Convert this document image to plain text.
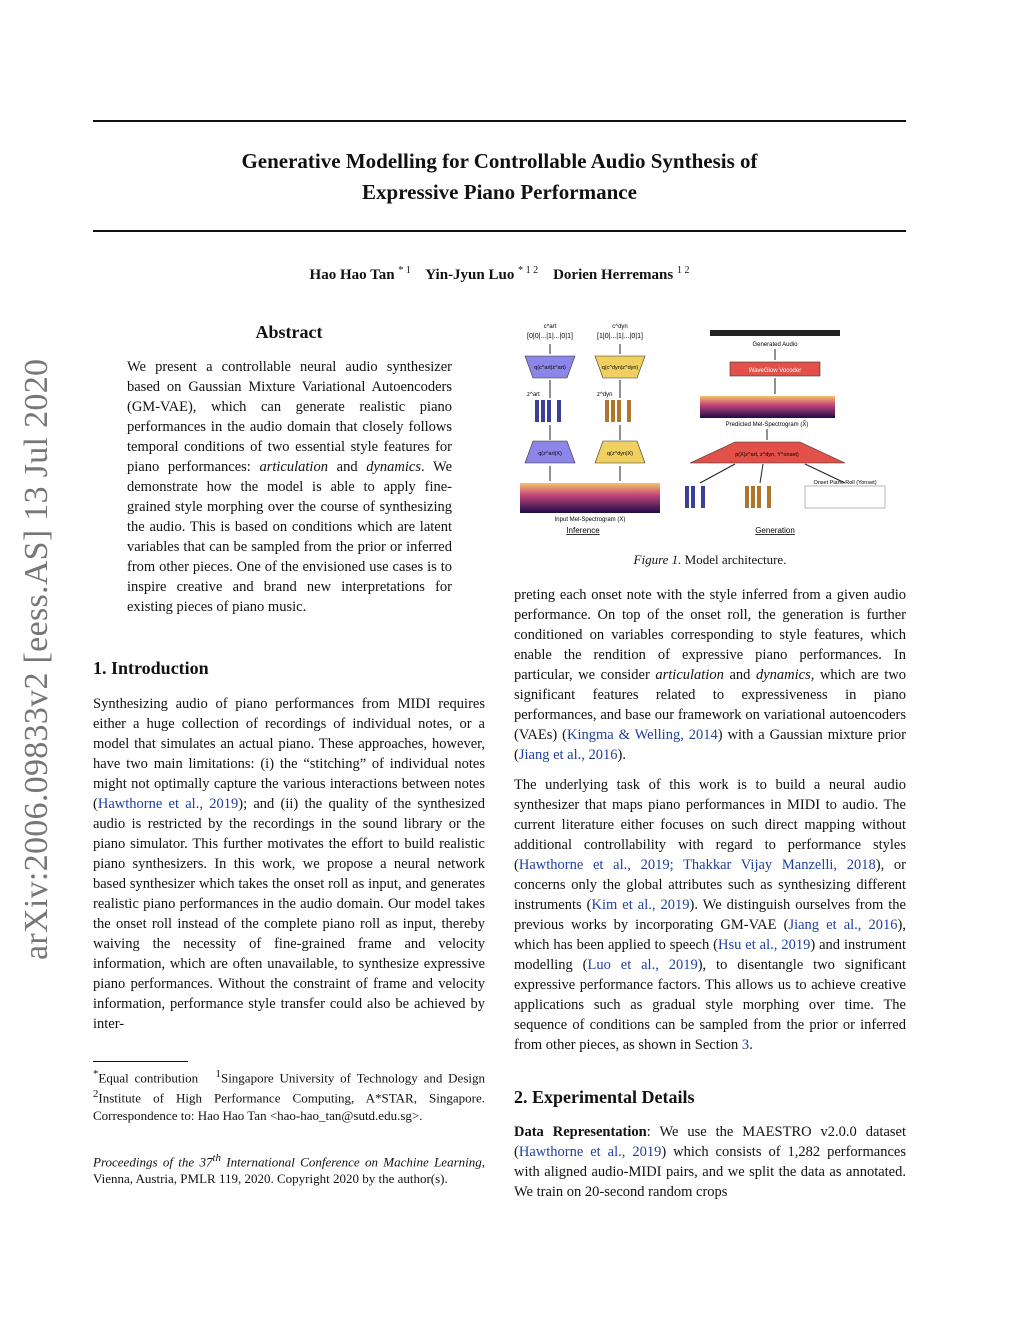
Generative Modelling for Controllable Audio Synthesis of
Expressive Piano Performance
Hao Hao Tan $^{* 1}$ Yin-Jyun Luo $^{* 1 2}$ Dorien Herremans $^{1 2}$
arXiv:2006.09833v2 [eess.AS] 13 Jul 2020
Abstract
We present a controllable neural audio synthesizer based on Gaussian Mixture Variational Autoencoders (GM-VAE), which can generate realistic piano performances in the audio domain that closely follows temporal conditions of two essential style features for piano performances: articulation and dynamics. We demonstrate how the model is able to apply fine-grained style morphing over the course of synthesizing the audio. This is based on conditions which are latent variables that can be sampled from the prior or inferred from other pieces. One of the envisioned use cases is to inspire creative and brand new interpretations for existing pieces of piano music.
1. Introduction
Synthesizing audio of piano performances from MIDI requires either a huge collection of recordings of individual notes, or a model that simulates an actual piano. These approaches, however, have two main limitations: (i) the “stitching” of individual notes might not optimally capture the various interactions between notes (Hawthorne et al., 2019); and (ii) the quality of the synthesized audio is restricted by the recordings in the sound library or the piano simulator. This further motivates the effort to build realistic piano synthesizers. In this work, we propose a neural network based synthesizer which takes the onset roll as input, and generates realistic piano performances in the audio domain. Our model takes the onset roll instead of the complete piano roll as input, thereby waiving the necessity of fine-grained frame and velocity information, which are often unavailable, to synthesize expressive piano performances. Without the constraint of frame and velocity information, performance style transfer could also be achieved by inter-
*Equal contribution   $^1$Singapore University of Technology and Design $^2$Institute of High Performance Computing, A*STAR, Singapore. Correspondence to: Hao Hao Tan <hao-hao_tan@sutd.edu.sg>.
Proceedings of the 37th International Conference on Machine Learning, Vienna, Austria, PMLR 119, 2020. Copyright 2020 by the author(s).
[0|0|...|1|...|0|1]	[1|0|...|1|...|0|1]
c^art	c^dyn
q(c^art|z^art)	q(c^dyn|z^dyn)
z^art	z^dyn
q(z^art|X)	q(z^dyn|X)
Input Mel-Spectrogram (X)
Inference
Generated Audio
WaveGlow Vocoder
Predicted Mel-Spectrogram (X̂)
p(X|z^art, z^dyn, Y^onset)
Onset Piano Roll (Yonset)
Generation
Figure 1. Model architecture.
preting each onset note with the style inferred from a given audio performance. On top of the onset roll, the generation is further conditioned on variables corresponding to style features, which enable the rendition of expressive piano performances. In particular, we consider articulation and dynamics, which are two significant features related to expressiveness in piano performances, and base our framework on variational autoencoders (VAEs) (Kingma & Welling, 2014) with a Gaussian mixture prior (Jiang et al., 2016).
The underlying task of this work is to build a neural audio synthesizer that maps piano performances in MIDI to audio. The current literature either focuses on such direct mapping without additional controllability with regard to performance styles (Hawthorne et al., 2019; Thakkar Vijay Manzelli, 2018), or concerns only the global attributes such as synthesizing different instruments (Kim et al., 2019). We distinguish ourselves from the previous works by incorporating GM-VAE (Jiang et al., 2016), which has been applied to speech (Hsu et al., 2019) and instrument modelling (Luo et al., 2019), to disentangle two significant expressive performance factors. This allows us to achieve creative applications such as gradual style morphing over time. The sequence of conditions can be sampled from the prior or inferred from other pieces, as shown in Section 3.
2. Experimental Details
Data Representation: We use the MAESTRO v2.0.0 dataset (Hawthorne et al., 2019) which consists of 1,282 performances with aligned audio-MIDI pairs, and we split the data as annotated. We train on 20-second random crops
